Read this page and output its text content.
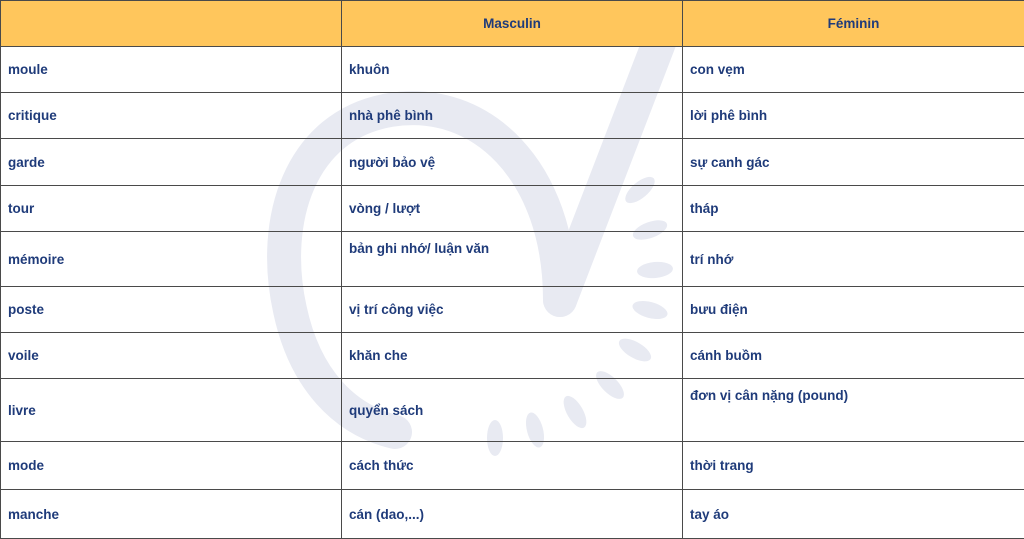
	Masculin	Féminin
moule	khuôn	con vẹm
critique	nhà phê bình	lời phê bình
garde	người bảo vệ	sự canh gác
tour	vòng / lượt	tháp
mémoire	bản ghi nhớ/ luận văn	trí nhớ
poste	vị trí công việc	bưu điện
voile	khăn che	cánh buồm
livre	quyển sách	đơn vị cân nặng (pound)
mode	cách thức	thời trang
manche	cán (dao,...)	tay áo
